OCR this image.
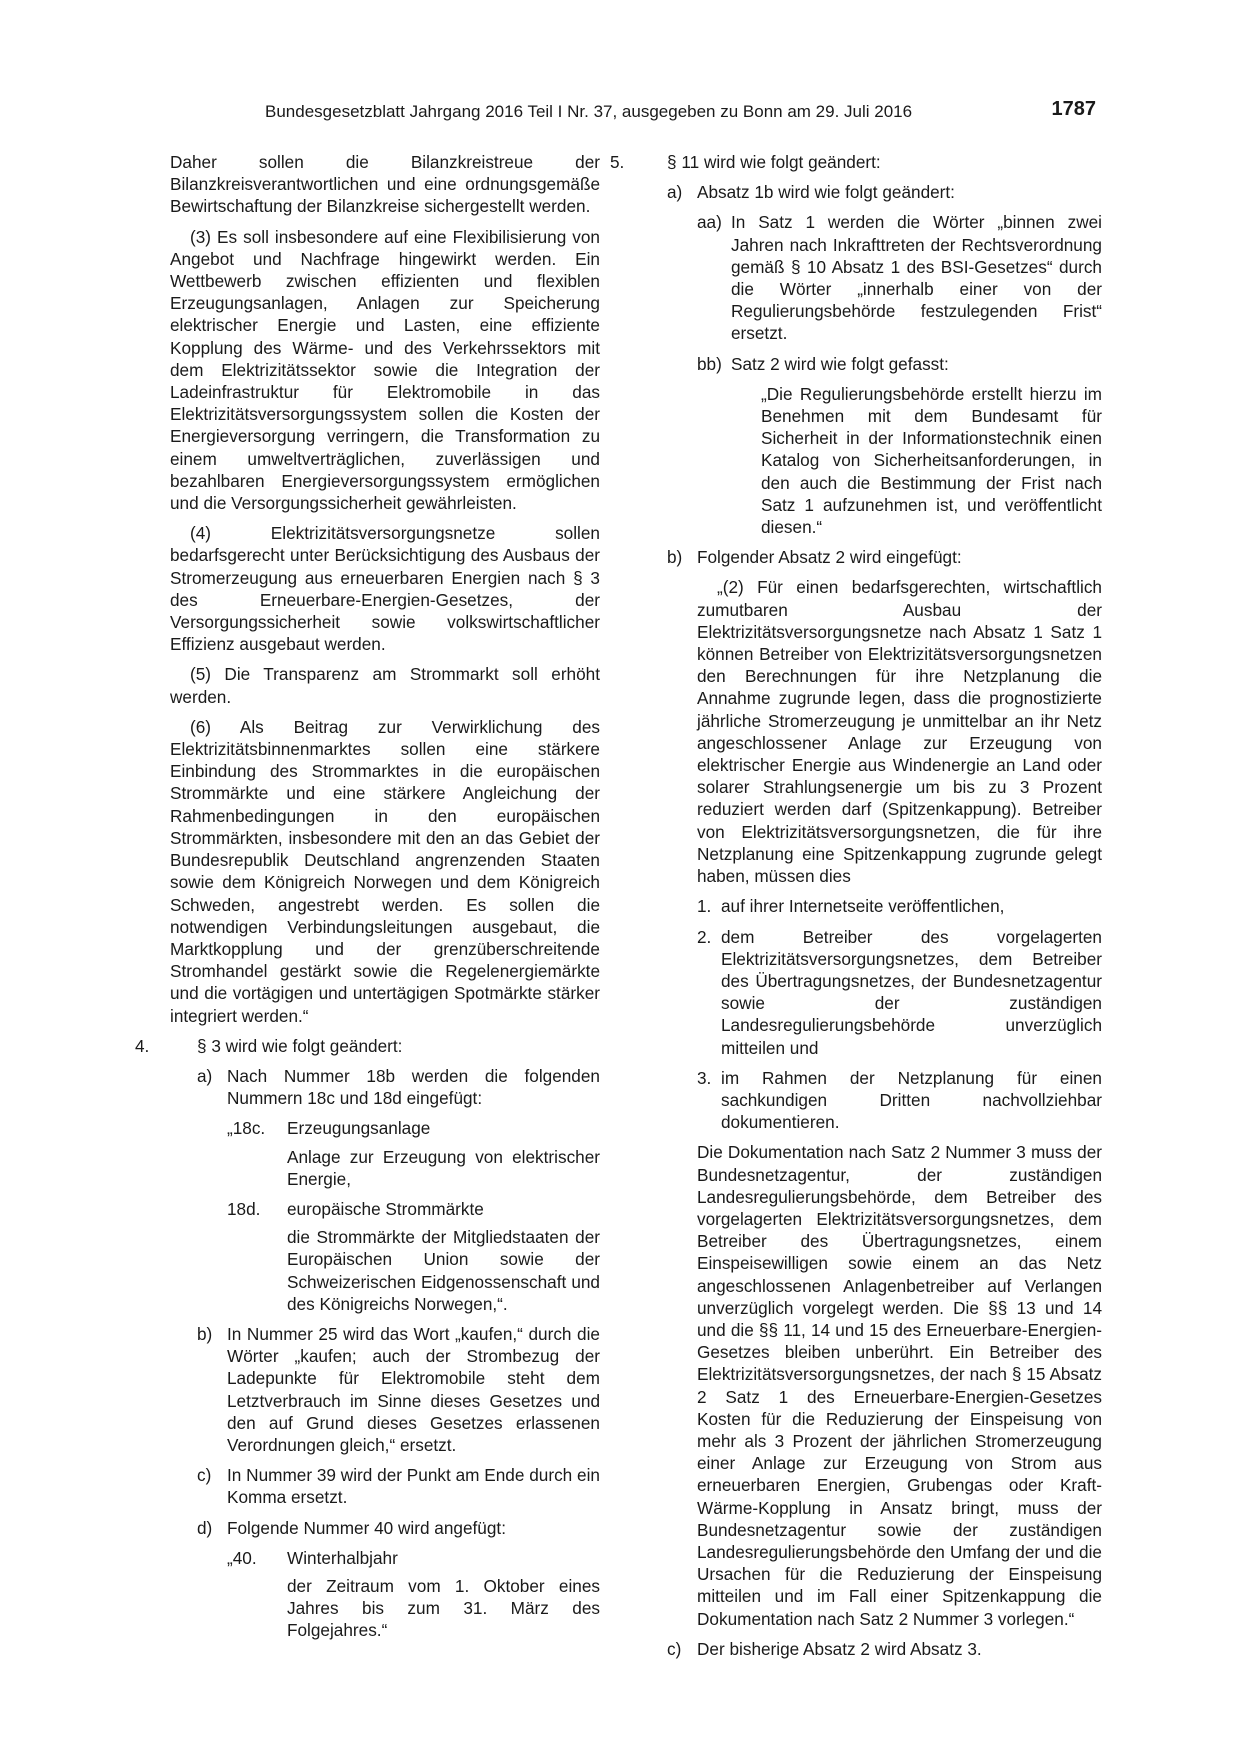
Bundesgesetzblatt Jahrgang 2016 Teil I Nr. 37, ausgegeben zu Bonn am 29. Juli 2016	1787
Daher sollen die Bilanzkreistreue der Bilanzkreisverantwortlichen und eine ordnungsgemäße Bewirtschaftung der Bilanzkreise sichergestellt werden.
(3) Es soll insbesondere auf eine Flexibilisierung von Angebot und Nachfrage hingewirkt werden. Ein Wettbewerb zwischen effizienten und flexiblen Erzeugungsanlagen, Anlagen zur Speicherung elektrischer Energie und Lasten, eine effiziente Kopplung des Wärme- und des Verkehrssektors mit dem Elektrizitätssektor sowie die Integration der Ladeinfrastruktur für Elektromobile in das Elektrizitätsversorgungssystem sollen die Kosten der Energieversorgung verringern, die Transformation zu einem umweltverträglichen, zuverlässigen und bezahlbaren Energieversorgungssystem ermöglichen und die Versorgungssicherheit gewährleisten.
(4) Elektrizitätsversorgungsnetze sollen bedarfsgerecht unter Berücksichtigung des Ausbaus der Stromerzeugung aus erneuerbaren Energien nach § 3 des Erneuerbare-Energien-Gesetzes, der Versorgungssicherheit sowie volkswirtschaftlicher Effizienz ausgebaut werden.
(5) Die Transparenz am Strommarkt soll erhöht werden.
(6) Als Beitrag zur Verwirklichung des Elektrizitätsbinnenmarktes sollen eine stärkere Einbindung des Strommarktes in die europäischen Strommärkte und eine stärkere Angleichung der Rahmenbedingungen in den europäischen Strommärkten, insbesondere mit den an das Gebiet der Bundesrepublik Deutschland angrenzenden Staaten sowie dem Königreich Norwegen und dem Königreich Schweden, angestrebt werden. Es sollen die notwendigen Verbindungsleitungen ausgebaut, die Marktkopplung und der grenzüberschreitende Stromhandel gestärkt sowie die Regelenergiemärkte und die vortägigen und untertägigen Spotmärkte stärker integriert werden.“
4.	§ 3 wird wie folgt geändert:
a) Nach Nummer 18b werden die folgenden Nummern 18c und 18d eingefügt:
„18c. Erzeugungsanlage
Anlage zur Erzeugung von elektrischer Energie,
18d. europäische Strommärkte
die Strommärkte der Mitgliedstaaten der Europäischen Union sowie der Schweizerischen Eidgenossenschaft und des Königreichs Norwegen,“.
b) In Nummer 25 wird das Wort „kaufen,“ durch die Wörter „kaufen; auch der Strombezug der Ladepunkte für Elektromobile steht dem Letztverbrauch im Sinne dieses Gesetzes und den auf Grund dieses Gesetzes erlassenen Verordnungen gleich,“ ersetzt.
c) In Nummer 39 wird der Punkt am Ende durch ein Komma ersetzt.
d) Folgende Nummer 40 wird angefügt:
„40. Winterhalbjahr
der Zeitraum vom 1. Oktober eines Jahres bis zum 31. März des Folgejahres.“
5. § 11 wird wie folgt geändert:
a) Absatz 1b wird wie folgt geändert:
aa) In Satz 1 werden die Wörter „binnen zwei Jahren nach Inkrafttreten der Rechtsverordnung gemäß § 10 Absatz 1 des BSI-Gesetzes“ durch die Wörter „innerhalb einer von der Regulierungsbehörde festzulegenden Frist“ ersetzt.
bb) Satz 2 wird wie folgt gefasst:
„Die Regulierungsbehörde erstellt hierzu im Benehmen mit dem Bundesamt für Sicherheit in der Informationstechnik einen Katalog von Sicherheitsanforderungen, in den auch die Bestimmung der Frist nach Satz 1 aufzunehmen ist, und veröffentlicht diesen.“
b) Folgender Absatz 2 wird eingefügt:
„(2) Für einen bedarfsgerechten, wirtschaftlich zumutbaren Ausbau der Elektrizitätsversorgungsnetze nach Absatz 1 Satz 1 können Betreiber von Elektrizitätsversorgungsnetzen den Berechnungen für ihre Netzplanung die Annahme zugrunde legen, dass die prognostizierte jährliche Stromerzeugung je unmittelbar an ihr Netz angeschlossener Anlage zur Erzeugung von elektrischer Energie aus Windenergie an Land oder solarer Strahlungsenergie um bis zu 3 Prozent reduziert werden darf (Spitzenkappung). Betreiber von Elektrizitätsversorgungsnetzen, die für ihre Netzplanung eine Spitzenkappung zugrunde gelegt haben, müssen dies
1. auf ihrer Internetseite veröffentlichen,
2. dem Betreiber des vorgelagerten Elektrizitätsversorgungsnetzes, dem Betreiber des Übertragungsnetzes, der Bundesnetzagentur sowie der zuständigen Landesregulierungsbehörde unverzüglich mitteilen und
3. im Rahmen der Netzplanung für einen sachkundigen Dritten nachvollziehbar dokumentieren.
Die Dokumentation nach Satz 2 Nummer 3 muss der Bundesnetzagentur, der zuständigen Landesregulierungsbehörde, dem Betreiber des vorgelagerten Elektrizitätsversorgungsnetzes, dem Betreiber des Übertragungsnetzes, einem Einspeisewilligen sowie einem an das Netz angeschlossenen Anlagenbetreiber auf Verlangen unverzüglich vorgelegt werden. Die §§ 13 und 14 und die §§ 11, 14 und 15 des Erneuerbare-Energien-Gesetzes bleiben unberührt. Ein Betreiber des Elektrizitätsversorgungsnetzes, der nach § 15 Absatz 2 Satz 1 des Erneuerbare-Energien-Gesetzes Kosten für die Reduzierung der Einspeisung von mehr als 3 Prozent der jährlichen Stromerzeugung einer Anlage zur Erzeugung von Strom aus erneuerbaren Energien, Grubengas oder Kraft-Wärme-Kopplung in Ansatz bringt, muss der Bundesnetzagentur sowie der zuständigen Landesregulierungsbehörde den Umfang der und die Ursachen für die Reduzierung der Einspeisung mitteilen und im Fall einer Spitzenkappung die Dokumentation nach Satz 2 Nummer 3 vorlegen.“
c) Der bisherige Absatz 2 wird Absatz 3.
